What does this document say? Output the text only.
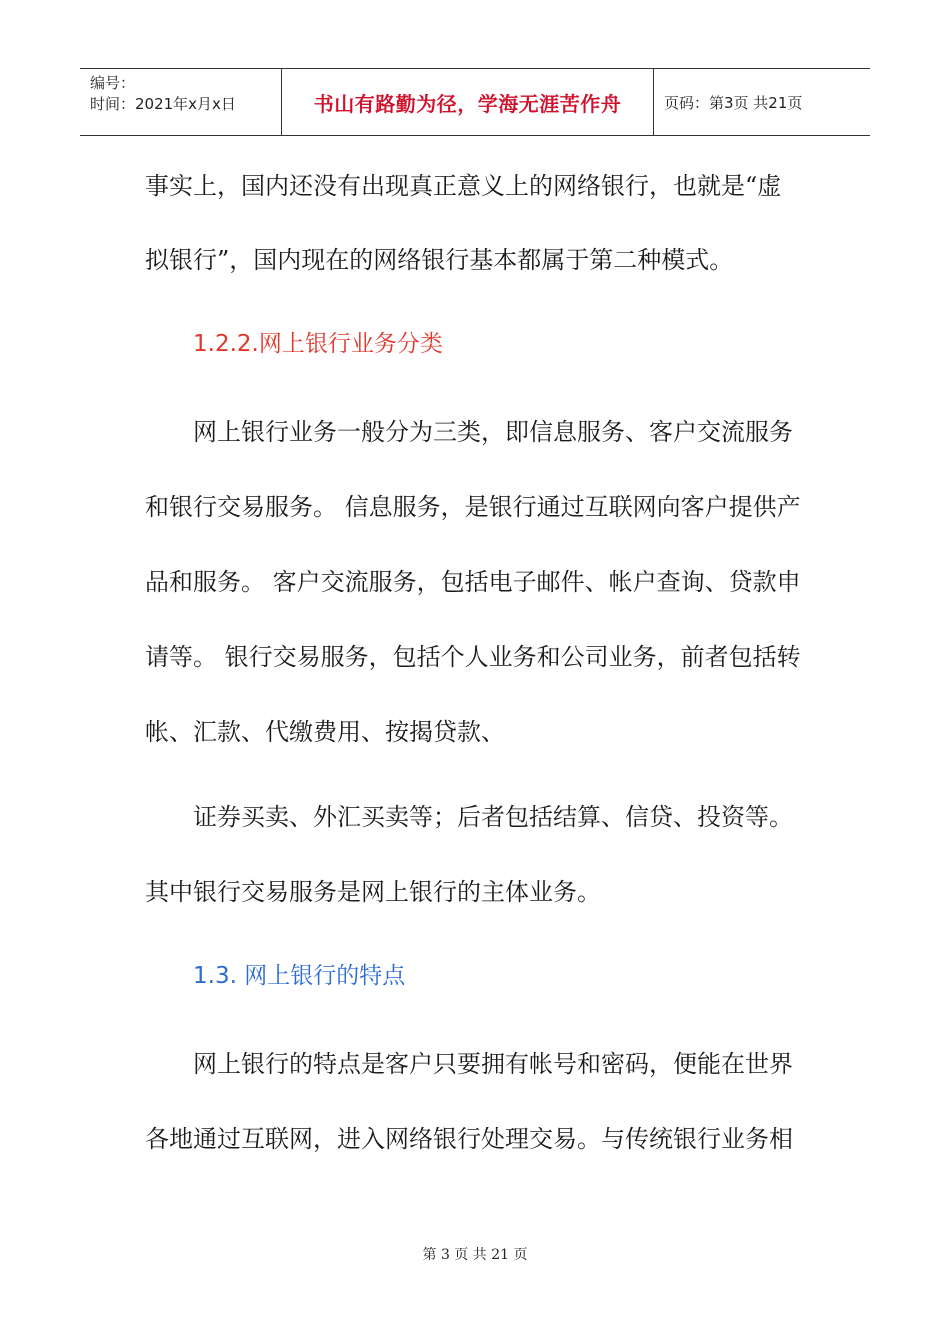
编号：
时间：2021年x月x日	书山有路勤为径，学海无涯苦作舟	页码：第3页 共21页
事实上，国内还没有出现真正意义上的网络银行，也就是“虚
拟银行”，国内现在的网络银行基本都属于第二种模式。
1.2.2.网上银行业务分类
网上银行业务一般分为三类，即信息服务、客户交流服务
和银行交易服务。 信息服务，是银行通过互联网向客户提供产
品和服务。 客户交流服务，包括电子邮件、帐户查询、贷款申
请等。 银行交易服务，包括个人业务和公司业务，前者包括转
帐、汇款、代缴费用、按揭贷款、
证券买卖、外汇买卖等；后者包括结算、信贷、投资等。
其中银行交易服务是网上银行的主体业务。
1.3. 网上银行的特点
网上银行的特点是客户只要拥有帐号和密码，便能在世界
各地通过互联网，进入网络银行处理交易。与传统银行业务相
第 3 页 共 21 页
